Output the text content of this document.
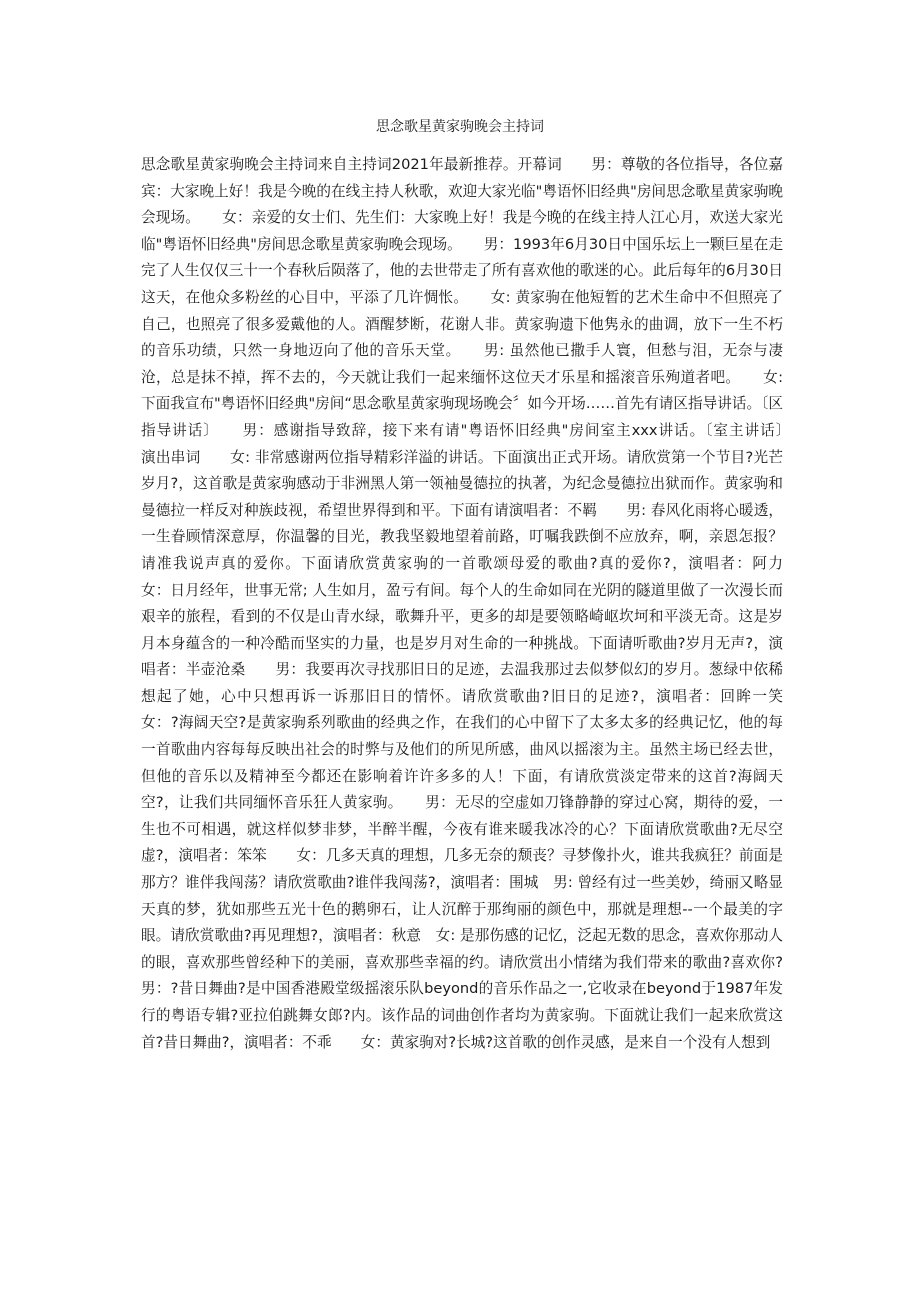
思念歌星黄家驹晚会主持词

思念歌星黄家驹晚会主持词来自主持词2021年最新推荐。开幕词　　男：尊敬的各位指导，各位嘉宾：大家晚上好！我是今晚的在线主持人秋歌，欢迎大家光临"粤语怀旧经典"房间思念歌星黄家驹晚会现场。　　女：亲爱的女士们、先生们：大家晚上好！我是今晚的在线主持人江心月，欢送大家光临"粤语怀旧经典"房间思念歌星黄家驹晚会现场。　　男：1993年6月30日中国乐坛上一颗巨星在走完了人生仅仅三十一个春秋后陨落了，他的去世带走了所有喜欢他的歌迷的心。此后每年的6月30日这天，在他众多粉丝的心目中，平添了几许惆怅。　　女: 黄家驹在他短暂的艺术生命中不但照亮了自己，也照亮了很多爱戴他的人。酒醒梦断，花谢人非。黄家驹遗下他隽永的曲调，放下一生不朽的音乐功绩，只然一身地迈向了他的音乐天堂。　　男: 虽然他已撒手人寰，但愁与泪，无奈与凄沧，总是抹不掉，挥不去的，今天就让我们一起来缅怀这位天才乐星和摇滚音乐殉道者吧。　　女: 下面我宣布"粤语怀旧经典"房间“思念歌星黄家驹现场晚会〞如今开场……首先有请区指导讲话。〔区指导讲话〕　　男：感谢指导致辞，接下来有请"粤语怀旧经典"房间室主xxx讲话。〔室主讲话〕　　演出串词　　女: 非常感谢两位指导精彩洋溢的讲话。下面演出正式开场。请欣赏第一个节目?光芒岁月?，这首歌是黄家驹感动于非洲黑人第一领袖曼德拉的执著，为纪念曼德拉出狱而作。黄家驹和曼德拉一样反对种族歧视，希望世界得到和平。下面有请演唱者：不羁　　男: 春风化雨将心暖透，一生眷顾情深意厚，你温馨的目光，教我坚毅地望着前路，叮嘱我跌倒不应放弃，啊，亲恩怎报？请准我说声真的爱你。下面请欣赏黄家驹的一首歌颂母爱的歌曲?真的爱你?，演唱者：阿力　　女：日月经年，世事无常; 人生如月，盈亏有间。每个人的生命如同在光阴的隧道里做了一次漫长而艰辛的旅程，看到的不仅是山青水绿，歌舞升平，更多的却是要领略崎岖坎坷和平淡无奇。这是岁月本身蕴含的一种冷酷而坚实的力量，也是岁月对生命的一种挑战。下面请听歌曲?岁月无声?，演唱者：半壶沧桑　　男：我要再次寻找那旧日的足迹，去温我那过去似梦似幻的岁月。葱绿中依稀想起了她，心中只想再诉一诉那旧日的情怀。请欣赏歌曲?旧日的足迹?，演唱者：回眸一笑　　女：?海阔天空?是黄家驹系列歌曲的经典之作，在我们的心中留下了太多太多的经典记忆，他的每一首歌曲内容每每反映出社会的时弊与及他们的所见所感，曲风以摇滚为主。虽然主场已经去世，但他的音乐以及精神至今都还在影响着许许多多的人！下面，有请欣赏淡定带来的这首?海阔天空?，让我们共同缅怀音乐狂人黄家驹。　　男：无尽的空虚如刀锋静静的穿过心窝，期待的爱，一生也不可相遇，就这样似梦非梦，半醉半醒，今夜有谁来暖我冰冷的心？下面请欣赏歌曲?无尽空虚?，演唱者：笨笨　　女：几多天真的理想，几多无奈的颓丧？寻梦像扑火，谁共我疯狂？前面是那方？谁伴我闯荡？请欣赏歌曲?谁伴我闯荡?，演唱者：围城　男: 曾经有过一些美妙，绮丽又略显天真的梦，犹如那些五光十色的鹅卵石，让人沉醉于那绚丽的颜色中，那就是理想--一个最美的字眼。请欣赏歌曲?再见理想?，演唱者：秋意　女: 是那伤感的记忆，泛起无数的思念，喜欢你那动人的眼，喜欢那些曾经种下的美丽，喜欢那些幸福的约。请欣赏出小情绪为我们带来的歌曲?喜欢你?　　男：?昔日舞曲?是中国香港殿堂级摇滚乐队beyond的音乐作品之一,它收录在beyond于1987年发行的粤语专辑?亚拉伯跳舞女郎?内。该作品的词曲创作者均为黄家驹。下面就让我们一起来欣赏这首?昔日舞曲?，演唱者：不乖　　女：黄家驹对?长城?这首歌的创作灵感，是来自一个没有人想到
